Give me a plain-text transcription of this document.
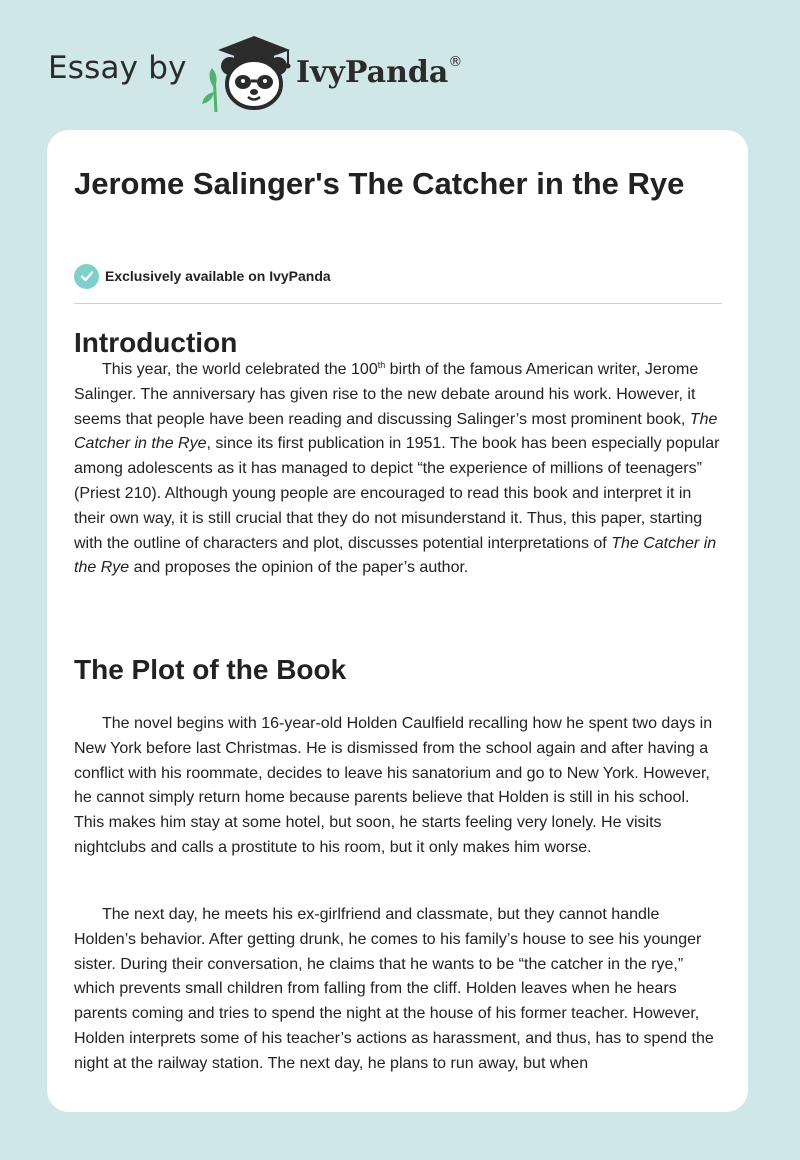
Essay by	IvyPanda®
Jerome Salinger's The Catcher in the Rye
Exclusively available on IvyPanda
Introduction

This year, the world celebrated the 100th birth of the famous American writer, Jerome Salinger. The anniversary has given rise to the new debate around his work. However, it seems that people have been reading and discussing Salinger’s most prominent book, The Catcher in the Rye, since its first publication in 1951. The book has been especially popular among adolescents as it has managed to depict “the experience of millions of teenagers” (Priest 210). Although young people are encouraged to read this book and interpret it in their own way, it is still crucial that they do not misunderstand it. Thus, this paper, starting with the outline of characters and plot, discusses potential interpretations of The Catcher in the Rye and proposes the opinion of the paper’s author.

The Plot of the Book

The novel begins with 16-year-old Holden Caulfield recalling how he spent two days in New York before last Christmas. He is dismissed from the school again and after having a conflict with his roommate, decides to leave his sanatorium and go to New York. However, he cannot simply return home because parents believe that Holden is still in his school. This makes him stay at some hotel, but soon, he starts feeling very lonely. He visits nightclubs and calls a prostitute to his room, but it only makes him worse.

The next day, he meets his ex-girlfriend and classmate, but they cannot handle Holden’s behavior. After getting drunk, he comes to his family’s house to see his younger sister. During their conversation, he claims that he wants to be “the catcher in the rye,” which prevents small children from falling from the cliff. Holden leaves when he hears parents coming and tries to spend the night at the house of his former teacher. However, Holden interprets some of his teacher’s actions as harassment, and thus, has to spend the night at the railway station. The next day, he plans to run away, but when
